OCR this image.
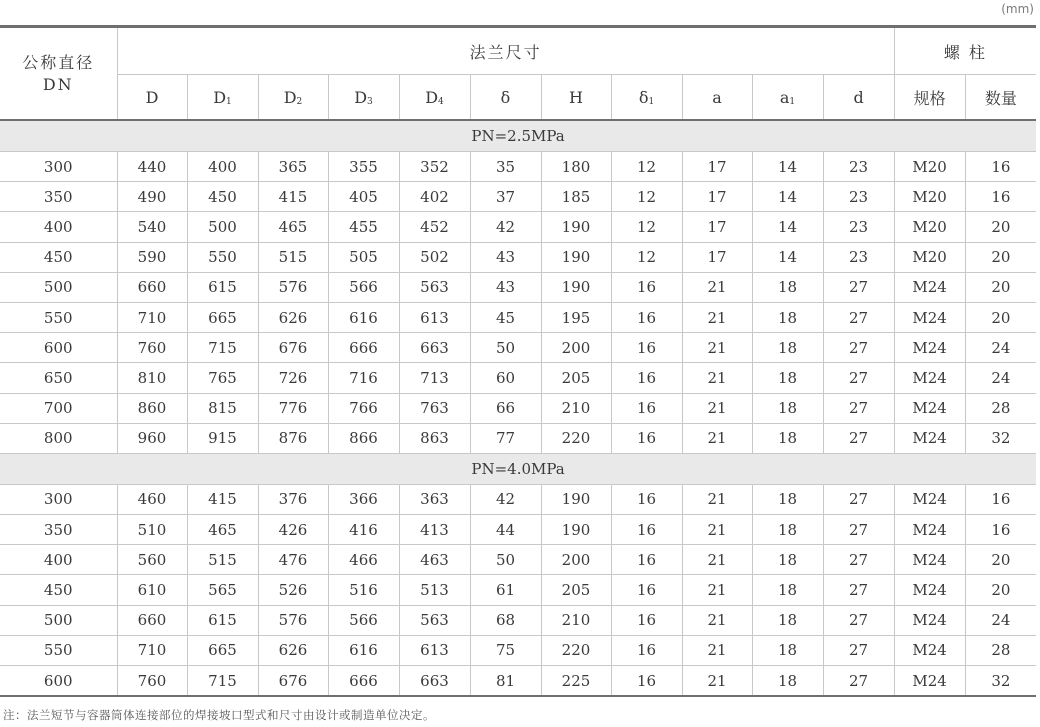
(mm)
公称直径
DN	法兰尺寸											螺 柱	
	D	$D_1$	$D_2$	$D_3$	$D_4$	δ	H	$\delta_1$	a	$a_1$	d	规格	数量
PN=2.5MPa													
300	440	400	365	355	352	35	180	12	17	14	23	M20	16
350	490	450	415	405	402	37	185	12	17	14	23	M20	16
400	540	500	465	455	452	42	190	12	17	14	23	M20	20
450	590	550	515	505	502	43	190	12	17	14	23	M20	20
500	660	615	576	566	563	43	190	16	21	18	27	M24	20
550	710	665	626	616	613	45	195	16	21	18	27	M24	20
600	760	715	676	666	663	50	200	16	21	18	27	M24	24
650	810	765	726	716	713	60	205	16	21	18	27	M24	24
700	860	815	776	766	763	66	210	16	21	18	27	M24	28
800	960	915	876	866	863	77	220	16	21	18	27	M24	32
PN=4.0MPa													
300	460	415	376	366	363	42	190	16	21	18	27	M24	16
350	510	465	426	416	413	44	190	16	21	18	27	M24	16
400	560	515	476	466	463	50	200	16	21	18	27	M24	20
450	610	565	526	516	513	61	205	16	21	18	27	M24	20
500	660	615	576	566	563	68	210	16	21	18	27	M24	24
550	710	665	626	616	613	75	220	16	21	18	27	M24	28
600	760	715	676	666	663	81	225	16	21	18	27	M24	32
注：法兰短节与容器筒体连接部位的焊接坡口型式和尺寸由设计或制造单位决定。
